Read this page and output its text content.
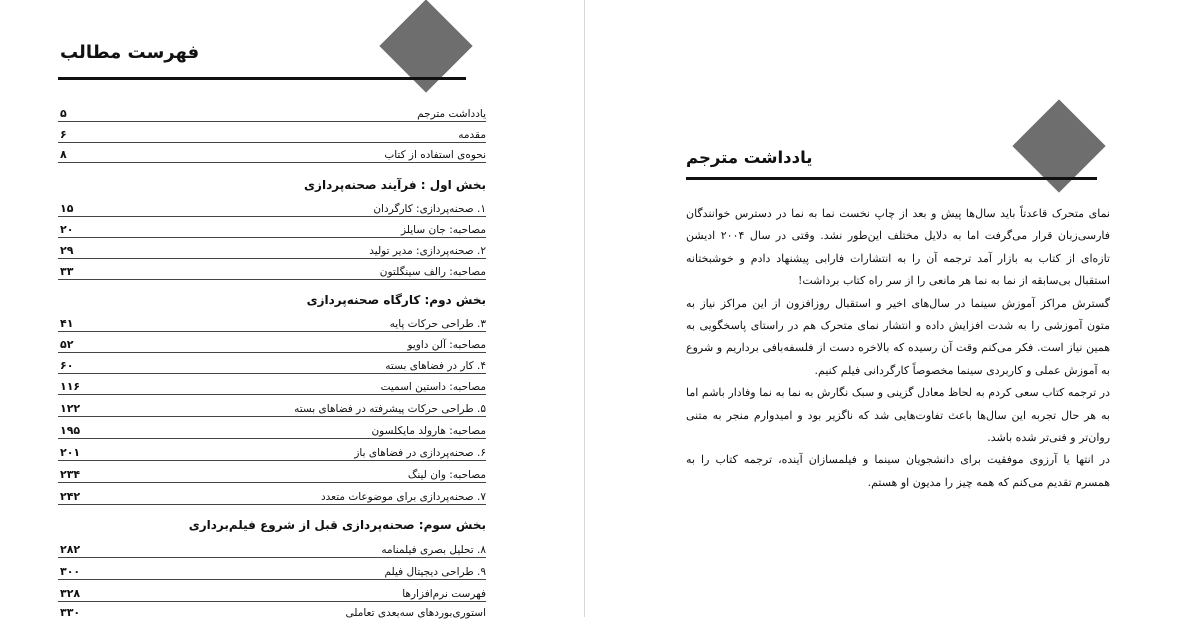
فهرست مطالب
یادداشت مترجم
۵
مقدمه
۶
نحوه‌ی استفاده از کتاب
۸
بخش اول : فرآیند صحنه‌پردازی
۱. صحنه‌پردازی: کارگردان
۱۵
مصاحبه: جان سایلز
۲۰
۲. صحنه‌پردازی: مدیر تولید
۲۹
مصاحبه: رالف سینگلتون
۳۳
بخش دوم: کارگاه صحنه‌پردازی
۳. طراحی حرکات پایه
۴۱
مصاحبه: آلن داویو
۵۲
۴. کار در فضاهای بسته
۶۰
مصاحبه: داستین اسمیت
۱۱۶
۵. طراحی حرکات پیشرفته در فضاهای بسته
۱۲۲
مصاحبه: هارولد مایکلسون
۱۹۵
۶. صحنه‌پردازی در فضاهای باز
۲۰۱
مصاحبه: وان لینگ
۲۳۴
۷. صحنه‌پردازی برای موضوعات متعدد
۲۴۲
بخش سوم: صحنه‌پردازی قبل از شروع فیلم‌برداری
۸. تحلیل بصری فیلمنامه
۲۸۲
۹. طراحی دیجیتال فیلم
۳۰۰
فهرست نرم‌افزارها
۳۲۸
استوری‌بوردهای سه‌بعدی تعاملی
۳۳۰
یادداشت مترجم

نمای متحرک قاعدتاً باید سال‌ها پیش و بعد از چاپ نخست نما به نما در دسترس خوانندگان فارسی‌زبان قرار می‌گرفت اما به دلایل مختلف این‌طور نشد. وقتی در سال ۲۰۰۴ ادیشن تازه‌ای از کتاب به بازار آمد ترجمه آن را به انتشارات فارابی پیشنهاد دادم و خوشبختانه استقبال بی‌سابقه از نما به نما هر مانعی را از سر راه کتاب برداشت!

گسترش مراکز آموزش سینما در سال‌های اخیر و استقبال روزافزون از این مراکز نیاز به متون آموزشی را به شدت افزایش داده و انتشار نمای متحرک هم در راستای پاسخگویی به همین نیاز است. فکر می‌کنم وقت آن رسیده که بالاخره دست از فلسفه‌بافی برداریم و شروع به آموزش عملی و کاربردی سینما مخصوصاً کارگردانی فیلم کنیم.

در ترجمه کتاب سعی کردم به لحاظ معادل گزینی و سبک نگارش به نما به نما وفادار باشم اما به هر حال تجربه این سال‌ها باعث تفاوت‌هایی شد که ناگزیر بود و امیدوارم منجر به متنی روان‌تر و فنی‌تر شده باشد.

در انتها یا آرزوی موفقیت برای دانشجویان سینما و فیلمسازان آینده، ترجمه کتاب را به همسرم تقدیم می‌کنم که همه چیز را مدیون او هستم.
